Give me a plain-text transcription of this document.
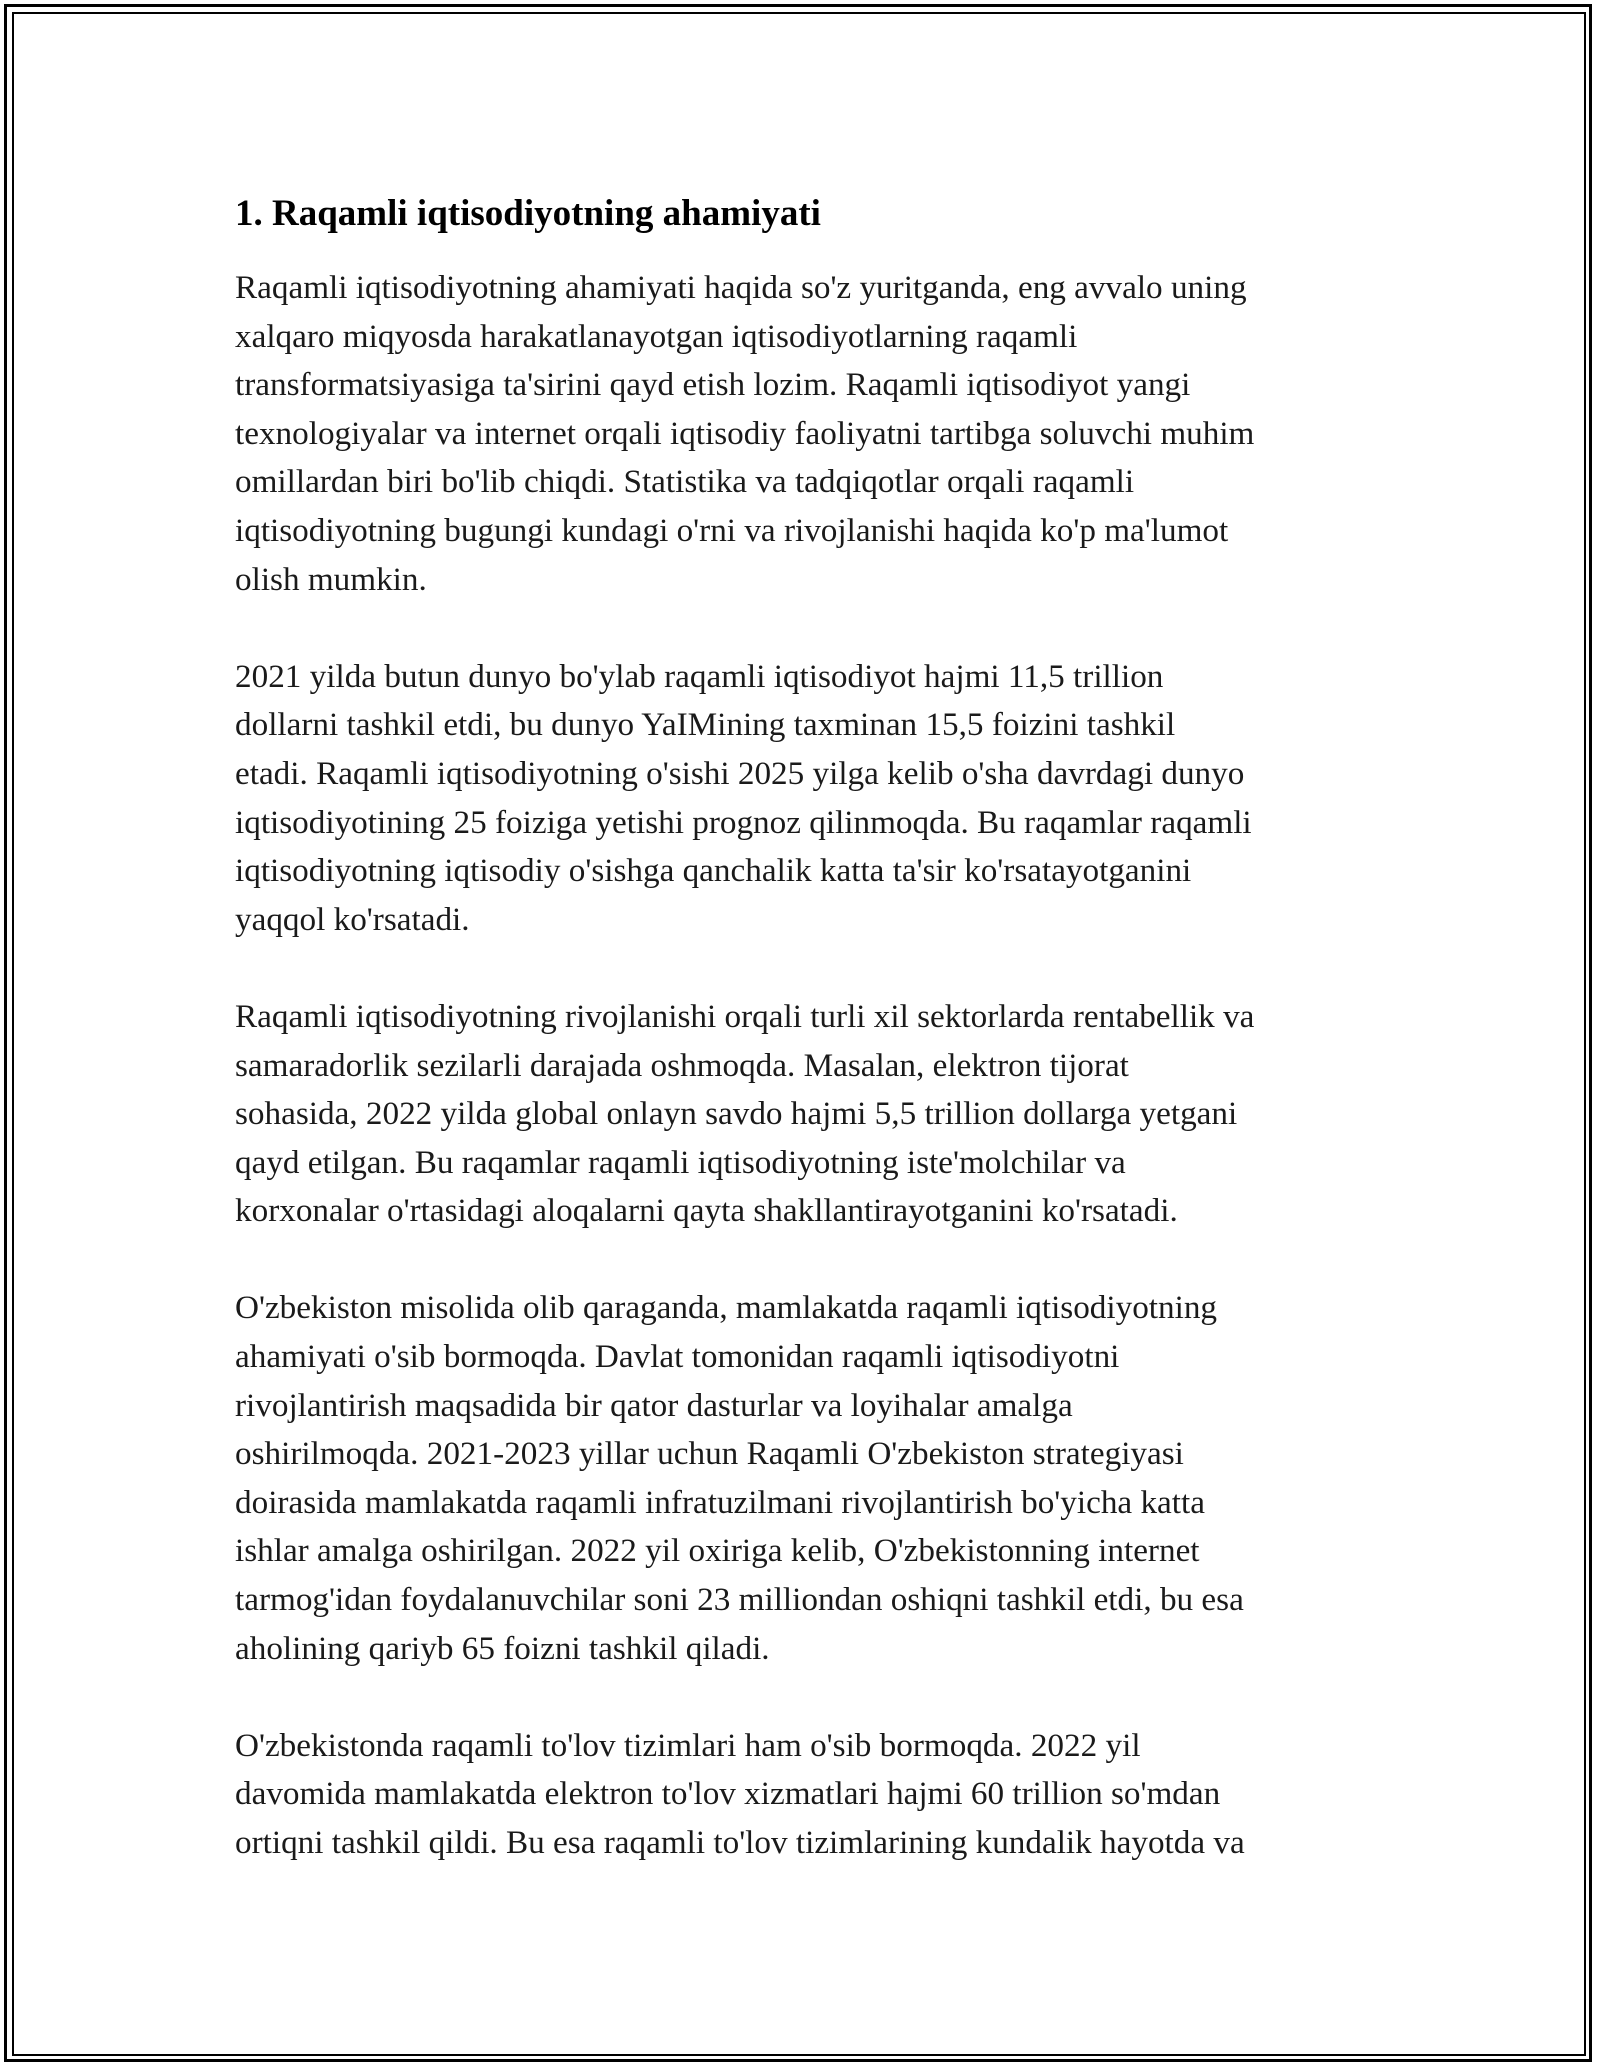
1. Raqamli iqtisodiyotning ahamiyati

Raqamli iqtisodiyotning ahamiyati haqida so'z yuritganda, eng avvalo uning
xalqaro miqyosda harakatlanayotgan iqtisodiyotlarning raqamli
transformatsiyasiga ta'sirini qayd etish lozim. Raqamli iqtisodiyot yangi
texnologiyalar va internet orqali iqtisodiy faoliyatni tartibga soluvchi muhim
omillardan biri bo'lib chiqdi. Statistika va tadqiqotlar orqali raqamli
iqtisodiyotning bugungi kundagi o'rni va rivojlanishi haqida ko'p ma'lumot
olish mumkin.

2021 yilda butun dunyo bo'ylab raqamli iqtisodiyot hajmi 11,5 trillion
dollarni tashkil etdi, bu dunyo YaIMining taxminan 15,5 foizini tashkil
etadi. Raqamli iqtisodiyotning o'sishi 2025 yilga kelib o'sha davrdagi dunyo
iqtisodiyotining 25 foiziga yetishi prognoz qilinmoqda. Bu raqamlar raqamli
iqtisodiyotning iqtisodiy o'sishga qanchalik katta ta'sir ko'rsatayotganini
yaqqol ko'rsatadi.

Raqamli iqtisodiyotning rivojlanishi orqali turli xil sektorlarda rentabellik va
samaradorlik sezilarli darajada oshmoqda. Masalan, elektron tijorat
sohasida, 2022 yilda global onlayn savdo hajmi 5,5 trillion dollarga yetgani
qayd etilgan. Bu raqamlar raqamli iqtisodiyotning iste'molchilar va
korxonalar o'rtasidagi aloqalarni qayta shakllantirayotganini ko'rsatadi.

O'zbekiston misolida olib qaraganda, mamlakatda raqamli iqtisodiyotning
ahamiyati o'sib bormoqda. Davlat tomonidan raqamli iqtisodiyotni
rivojlantirish maqsadida bir qator dasturlar va loyihalar amalga
oshirilmoqda. 2021-2023 yillar uchun Raqamli O'zbekiston strategiyasi
doirasida mamlakatda raqamli infratuzilmani rivojlantirish bo'yicha katta
ishlar amalga oshirilgan. 2022 yil oxiriga kelib, O'zbekistonning internet
tarmog'idan foydalanuvchilar soni 23 milliondan oshiqni tashkil etdi, bu esa
aholining qariyb 65 foizni tashkil qiladi.

O'zbekistonda raqamli to'lov tizimlari ham o'sib bormoqda. 2022 yil
davomida mamlakatda elektron to'lov xizmatlari hajmi 60 trillion so'mdan
ortiqni tashkil qildi. Bu esa raqamli to'lov tizimlarining kundalik hayotda va
